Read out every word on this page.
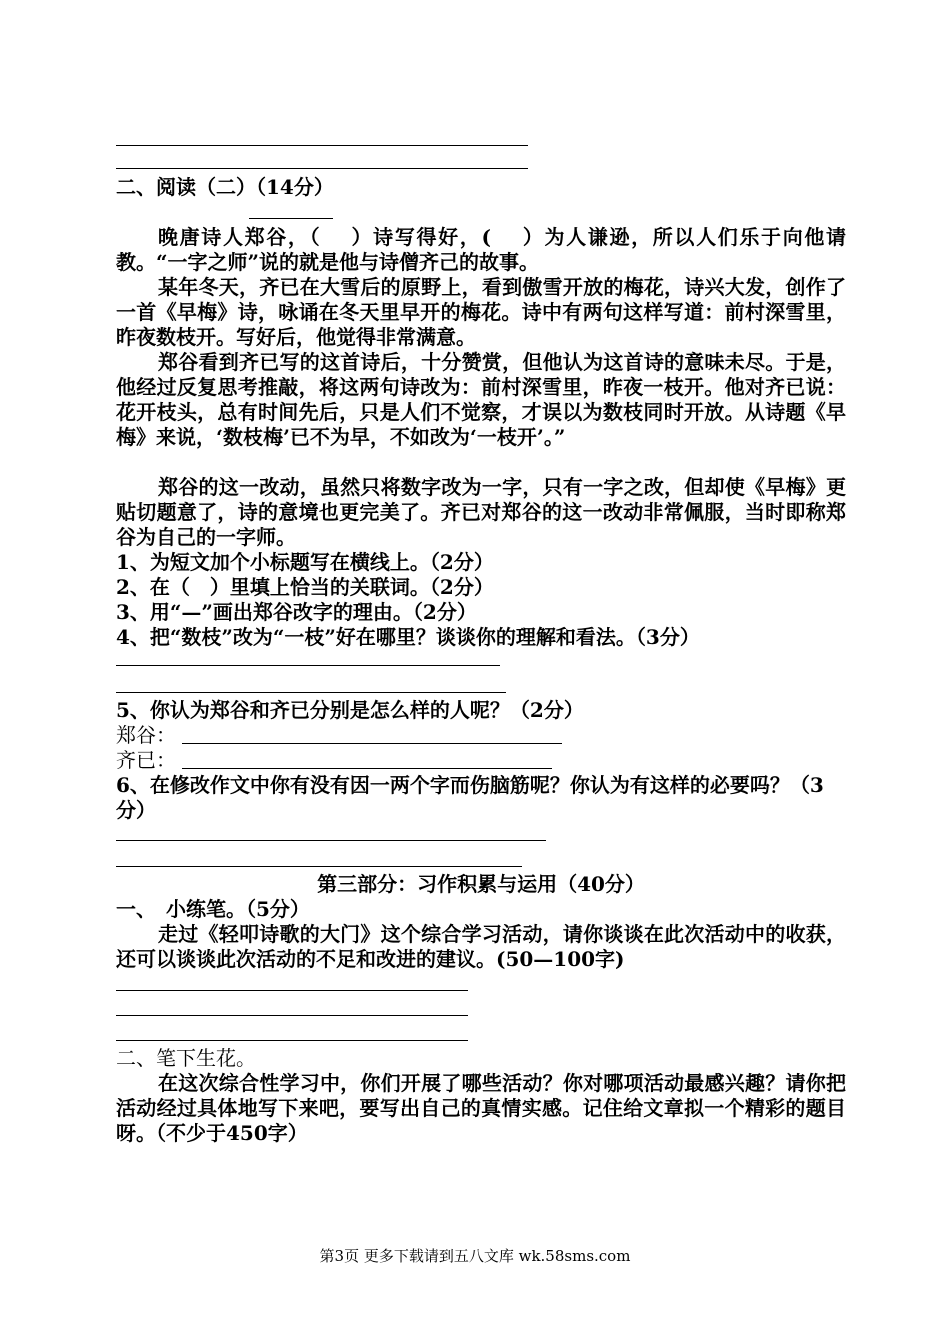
二、阅读（二）（14分）
晚唐诗人郑谷，（　 ）诗写得好，(　 ）为人谦逊，所以人们乐于向他请教。“一字之师”说的就是他与诗僧齐己的故事。
某年冬天，齐已在大雪后的原野上，看到傲雪开放的梅花，诗兴大发，创作了一首《早梅》诗，咏诵在冬天里早开的梅花。诗中有两句这样写道：前村深雪里，昨夜数枝开。写好后，他觉得非常满意。
郑谷看到齐已写的这首诗后，十分赞赏，但他认为这首诗的意味未尽。于是，他经过反复思考推敲，将这两句诗改为：前村深雪里，昨夜一枝开。他对齐已说：花开枝头，总有时间先后，只是人们不觉察，才误以为数枝同时开放。从诗题《早梅》来说，‘数枝梅’已不为早，不如改为‘一枝开’。”
郑谷的这一改动，虽然只将数字改为一字，只有一字之改，但却使《早梅》更贴切题意了，诗的意境也更完美了。齐已对郑谷的这一改动非常佩服，当时即称郑谷为自己的一字师。
1、为短文加个小标题写在横线上。（2分）
2、在（　）里填上恰当的关联词。（2分）
3、用“—”画出郑谷改字的理由。（2分）
4、把“数枝”改为“一枝”好在哪里？谈谈你的理解和看法。（3分）
5、你认为郑谷和齐已分别是怎么样的人呢？（2分）
郑谷：
齐已：
6、在修改作文中你有没有因一两个字而伤脑筋呢？你认为有这样的必要吗？（3分）
第三部分：习作积累与运用（40分）
一、　小练笔。（5分）
走过《轻叩诗歌的大门》这个综合学习活动，请你谈谈在此次活动中的收获，还可以谈谈此次活动的不足和改进的建议。(50—100字)
二、笔下生花。
在这次综合性学习中，你们开展了哪些活动？你对哪项活动最感兴趣？请你把活动经过具体地写下来吧，要写出自己的真情实感。记住给文章拟一个精彩的题目呀。（不少于450字）
第3页 更多下载请到五八文库 wk.58sms.com
